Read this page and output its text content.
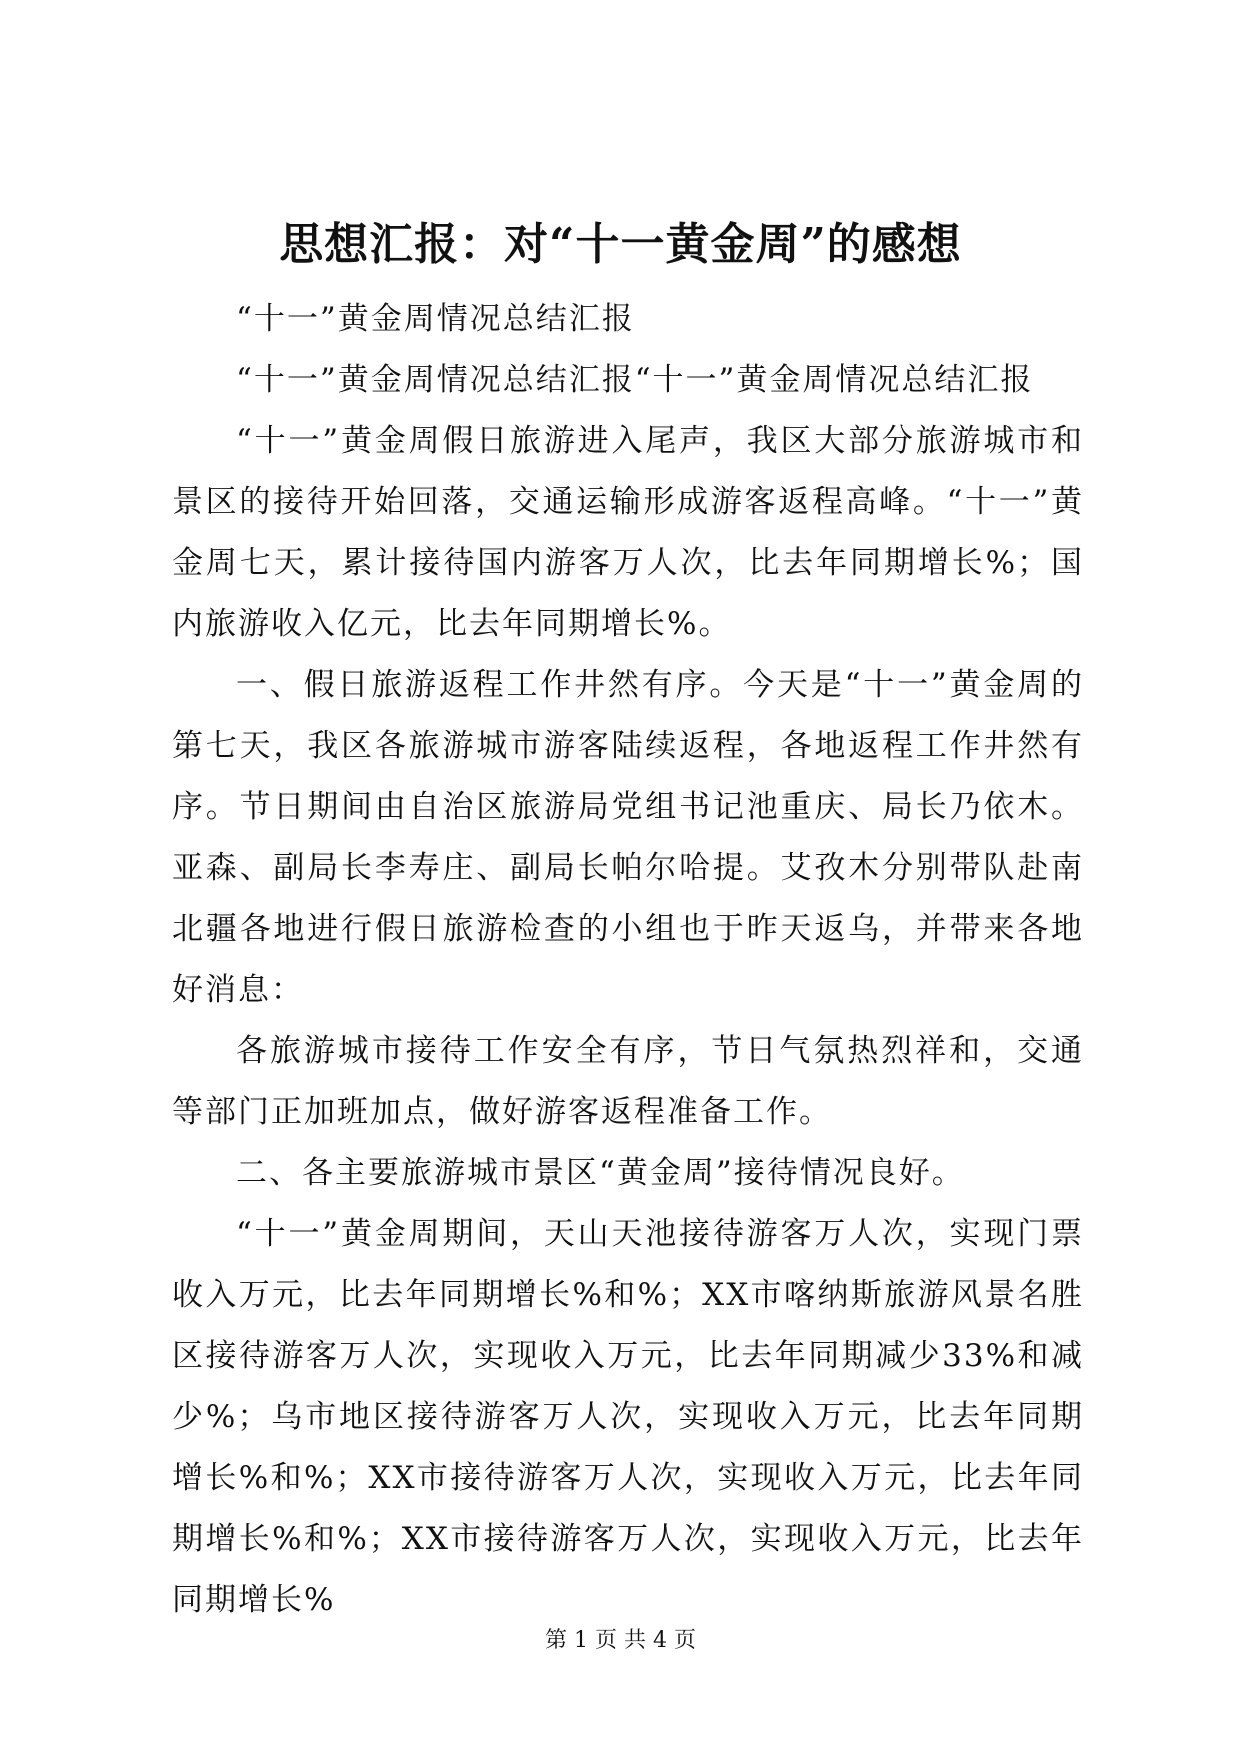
思想汇报：对“十一黄金周”的感想

“十一”黄金周情况总结汇报

“十一”黄金周情况总结汇报“十一”黄金周情况总结汇报

“十一”黄金周假日旅游进入尾声，我区大部分旅游城市和景区的接待开始回落，交通运输形成游客返程高峰。“十一”黄金周七天，累计接待国内游客万人次，比去年同期增长%；国内旅游收入亿元，比去年同期增长%。

一、假日旅游返程工作井然有序。今天是“十一”黄金周的第七天，我区各旅游城市游客陆续返程，各地返程工作井然有序。节日期间由自治区旅游局党组书记池重庆、局长乃依木。亚森、副局长李寿庄、副局长帕尔哈提。艾孜木分别带队赴南北疆各地进行假日旅游检查的小组也于昨天返乌，并带来各地好消息：

各旅游城市接待工作安全有序，节日气氛热烈祥和，交通等部门正加班加点，做好游客返程准备工作。

二、各主要旅游城市景区“黄金周”接待情况良好。

“十一”黄金周期间，天山天池接待游客万人次，实现门票收入万元，比去年同期增长%和%；XX市喀纳斯旅游风景名胜区接待游客万人次，实现收入万元，比去年同期减少33%和减少%；乌市地区接待游客万人次，实现收入万元，比去年同期增长%和%；XX市接待游客万人次，实现收入万元，比去年同期增长%和%；XX市接待游客万人次，实现收入万元，比去年同期增长%

第 1 页 共 4 页
